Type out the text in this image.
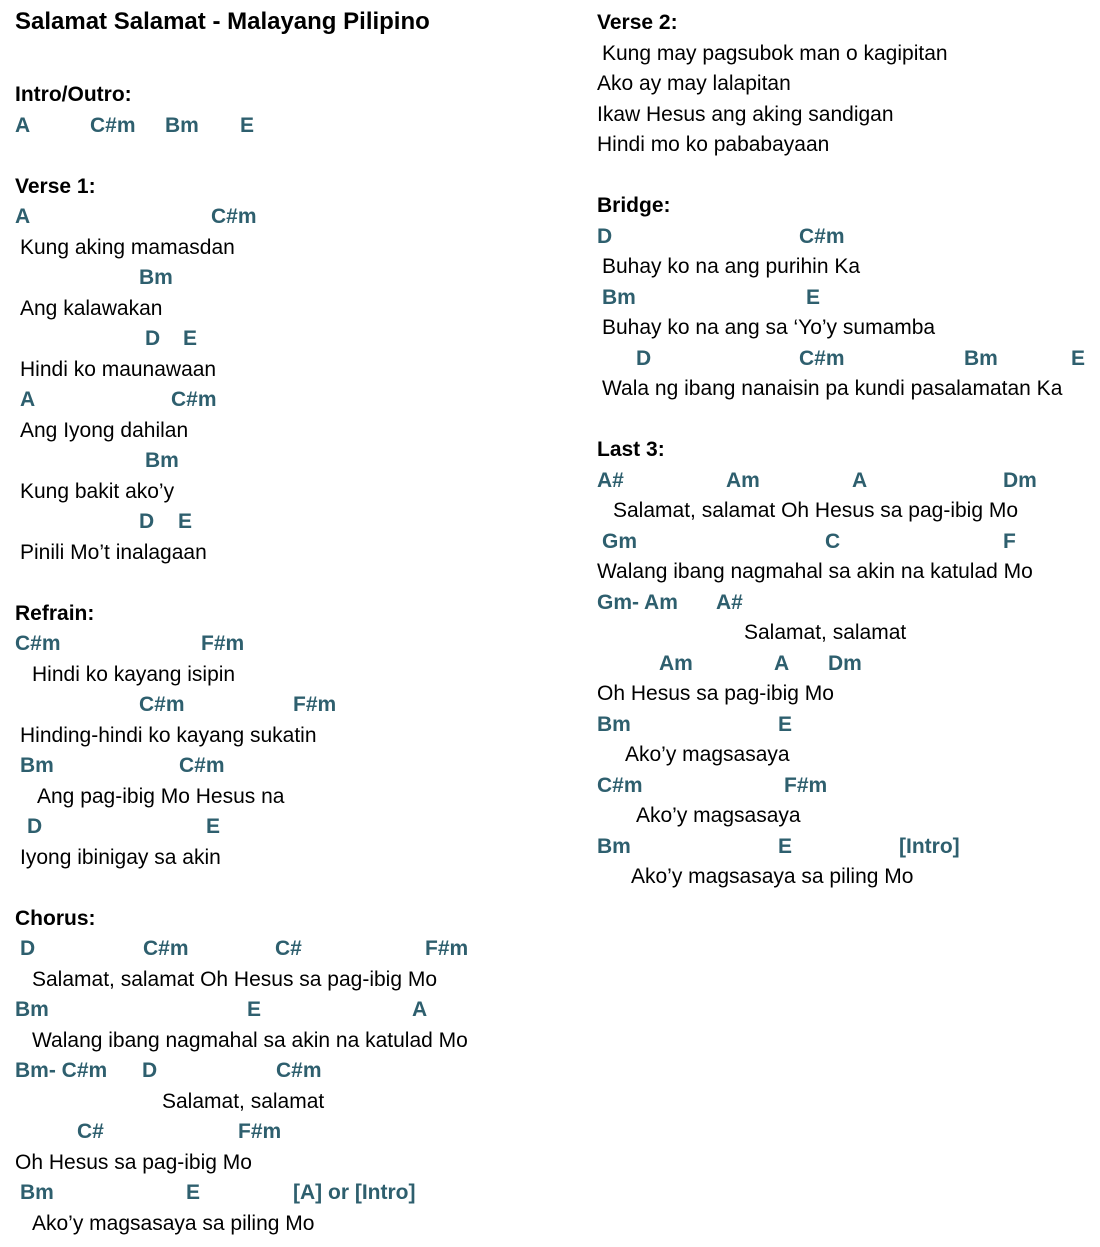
Salamat Salamat - Malayang Pilipino
Intro/Outro:
A	C#m Bm E
Verse 1:
A	C#m
Kung aking mamasdan
Bm
Ang kalawakan
D E
Hindi ko maunawaan
A	C#m
Ang Iyong dahilan
Bm
Kung bakit ako’y
D E
Pinili Mo’t inalagaan
Refrain:
C#m	F#m
Hindi ko kayang isipin
C#m	F#m
Hinding-hindi ko kayang sukatin
Bm	C#m
Ang pag-ibig Mo Hesus na
D	E
Iyong ibinigay sa akin
Chorus:
D	C#m	C#	F#m
Salamat, salamat Oh Hesus sa pag-ibig Mo
Bm	E	A
Walang ibang nagmahal sa akin na katulad Mo
Bm- C#m D	C#m
Salamat, salamat
C#	F#m
Oh Hesus sa pag-ibig Mo
Bm	E	[A] or [Intro]
Ako’y magsasaya sa piling Mo
Verse 2:
Kung may pagsubok man o kagipitan
Ako ay may lalapitan
Ikaw Hesus ang aking sandigan
Hindi mo ko pababayaan
Bridge:
D	C#m
Buhay ko na ang purihin Ka
Bm	E
Buhay ko na ang sa ‘Yo’y sumamba
D	C#m	Bm	E
Wala ng ibang nanaisin pa kundi pasalamatan Ka
Last 3:
A#	Am	A	Dm
Salamat, salamat Oh Hesus sa pag-ibig Mo
Gm	C	F
Walang ibang nagmahal sa akin na katulad Mo
Gm- Am A#
Salamat, salamat
Am	A Dm
Oh Hesus sa pag-ibig Mo
Bm	E
Ako’y magsasaya
C#m	F#m
Ako’y magsasaya
Bm	E	[Intro]
Ako’y magsasaya sa piling Mo
